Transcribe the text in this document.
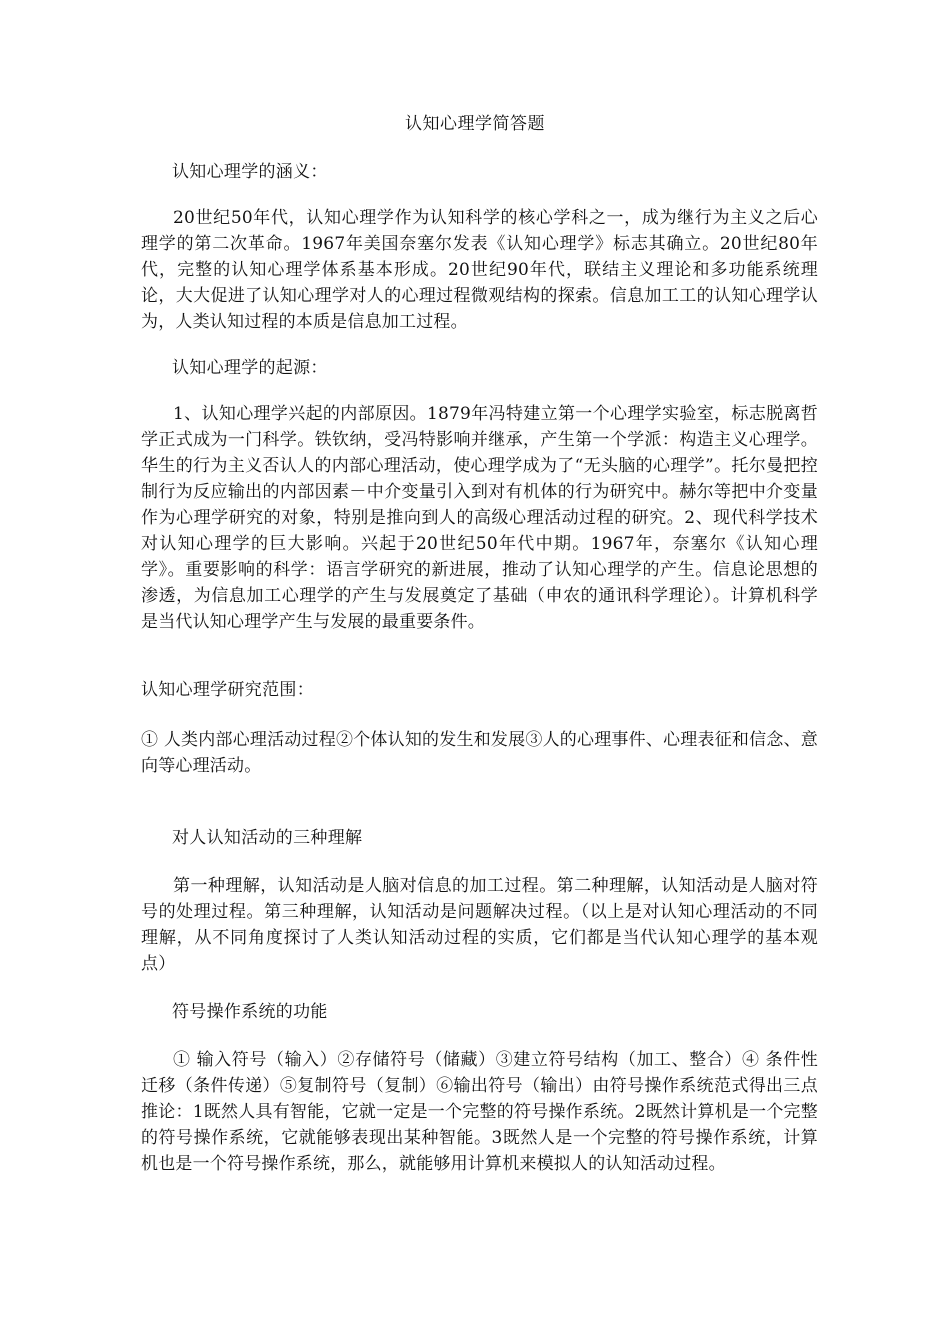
认知心理学简答题
认知心理学的涵义：
20世纪50年代，认知心理学作为认知科学的核心学科之一，成为继行为主义之后心理学的第二次革命。1967年美国奈塞尔发表《认知心理学》标志其确立。20世纪80年代，完整的认知心理学体系基本形成。20世纪90年代，联结主义理论和多功能系统理论，大大促进了认知心理学对人的心理过程微观结构的探索。信息加工工的认知心理学认为，人类认知过程的本质是信息加工过程。
认知心理学的起源：
1、认知心理学兴起的内部原因。1879年冯特建立第一个心理学实验室，标志脱离哲学正式成为一门科学。铁钦纳，受冯特影响并继承，产生第一个学派：构造主义心理学。华生的行为主义否认人的内部心理活动，使心理学成为了“无头脑的心理学”。托尔曼把控制行为反应输出的内部因素－中介变量引入到对有机体的行为研究中。赫尔等把中介变量作为心理学研究的对象，特别是推向到人的高级心理活动过程的研究。2、现代科学技术对认知心理学的巨大影响。兴起于20世纪50年代中期。1967年，奈塞尔《认知心理学》。重要影响的科学：语言学研究的新进展，推动了认知心理学的产生。信息论思想的渗透，为信息加工心理学的产生与发展奠定了基础（申农的通讯科学理论）。计算机科学是当代认知心理学产生与发展的最重要条件。
认知心理学研究范围：
① 人类内部心理活动过程②个体认知的发生和发展③人的心理事件、心理表征和信念、意向等心理活动。
对人认知活动的三种理解
第一种理解，认知活动是人脑对信息的加工过程。第二种理解，认知活动是人脑对符号的处理过程。第三种理解，认知活动是问题解决过程。（以上是对认知心理活动的不同理解，从不同角度探讨了人类认知活动过程的实质，它们都是当代认知心理学的基本观点）
符号操作系统的功能
① 输入符号（输入）②存储符号（储藏）③建立符号结构（加工、整合）④ 条件性迁移（条件传递）⑤复制符号（复制）⑥输出符号（输出）由符号操作系统范式得出三点推论：1既然人具有智能，它就一定是一个完整的符号操作系统。2既然计算机是一个完整的符号操作系统，它就能够表现出某种智能。3既然人是一个完整的符号操作系统，计算机也是一个符号操作系统，那么，就能够用计算机来模拟人的认知活动过程。
